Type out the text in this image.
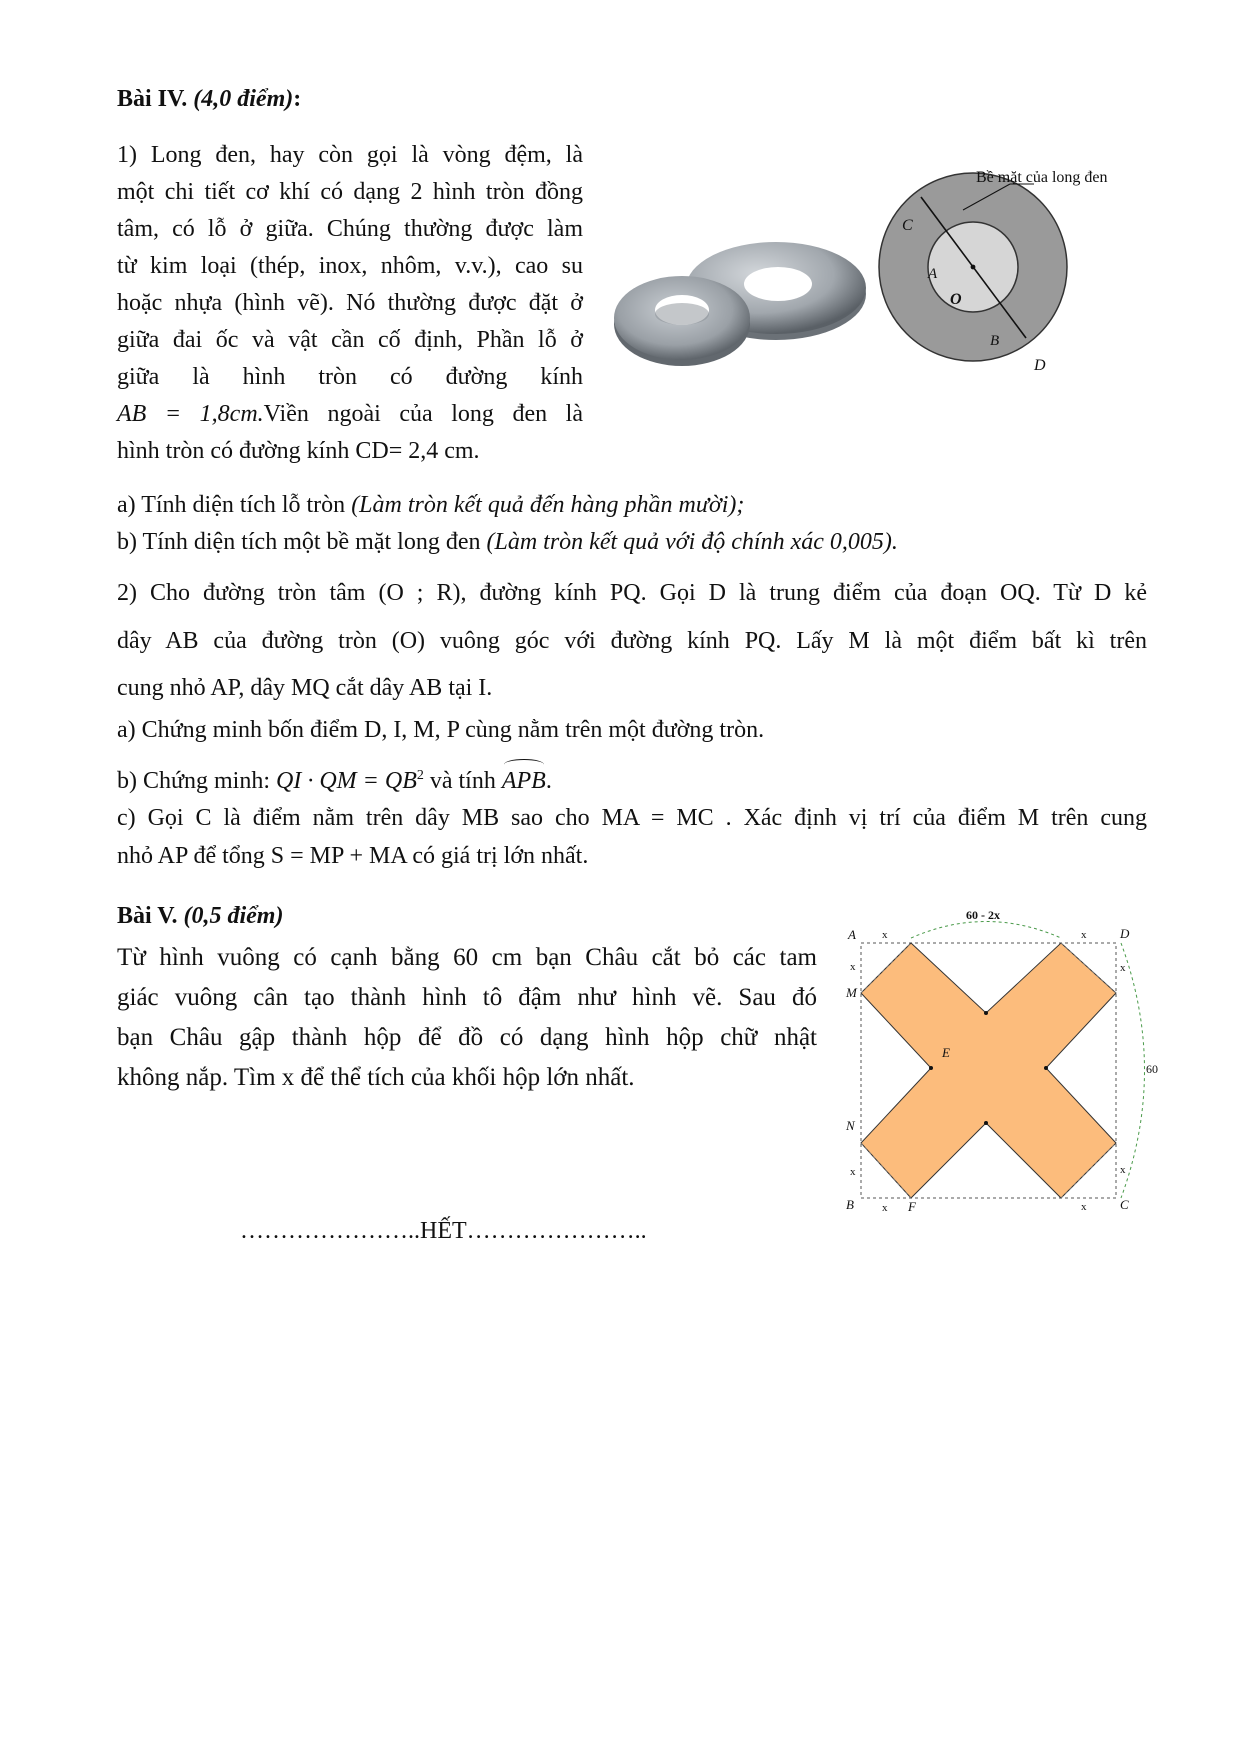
Bài IV. (4,0 điểm):
1) Long đen, hay còn gọi là vòng đệm, là
một chi tiết cơ khí có dạng 2 hình tròn đồng
tâm, có lỗ ở giữa. Chúng thường được làm
từ kim loại (thép, inox, nhôm, v.v.), cao su
hoặc nhựa (hình vẽ). Nó thường được đặt ở
giữa đai ốc và vật cần cố định, Phần lỗ ở
giữa là hình tròn có đường kính
AB = 1,8cm.Viền ngoài của long đen là
hình tròn có đường kính CD= 2,4 cm.
Bề mặt của long đen
C
A
O
B
D
a) Tính diện tích lỗ tròn (Làm tròn kết quả đến hàng phần mười);
b) Tính diện tích một bề mặt long đen (Làm tròn kết quả với độ chính xác 0,005).
2) Cho đường tròn tâm (O ; R), đường kính PQ. Gọi D là trung điểm của đoạn OQ. Từ D kẻ
dây AB của đường tròn (O) vuông góc với đường kính PQ. Lấy M là một điểm bất kì trên
cung nhỏ AP, dây MQ cắt dây AB tại I.
a) Chứng minh bốn điểm D, I, M, P cùng nằm trên một đường tròn.
b) Chứng minh: QI · QM = $QB^2$ và tính
APB.
c) Gọi C là điểm nằm trên dây MB sao cho MA = MC . Xác định vị trí của điểm M trên cung
nhỏ AP để tổng S = MP + MA có giá trị lớn nhất.
Bài V. (0,5 điểm)
Từ hình vuông có cạnh bằng 60 cm bạn Châu cắt bỏ các tam
giác vuông cân tạo thành hình tô đậm như hình vẽ. Sau đó
bạn Châu gập thành hộp để đồ có dạng hình hộp chữ nhật
không nắp. Tìm x để thể tích của khối hộp lớn nhất.
60 - 2x
60
A	D
M
E
N
B	F	C
x	x
x	x
x	x
x	x
…………………..HẾT…………………..
